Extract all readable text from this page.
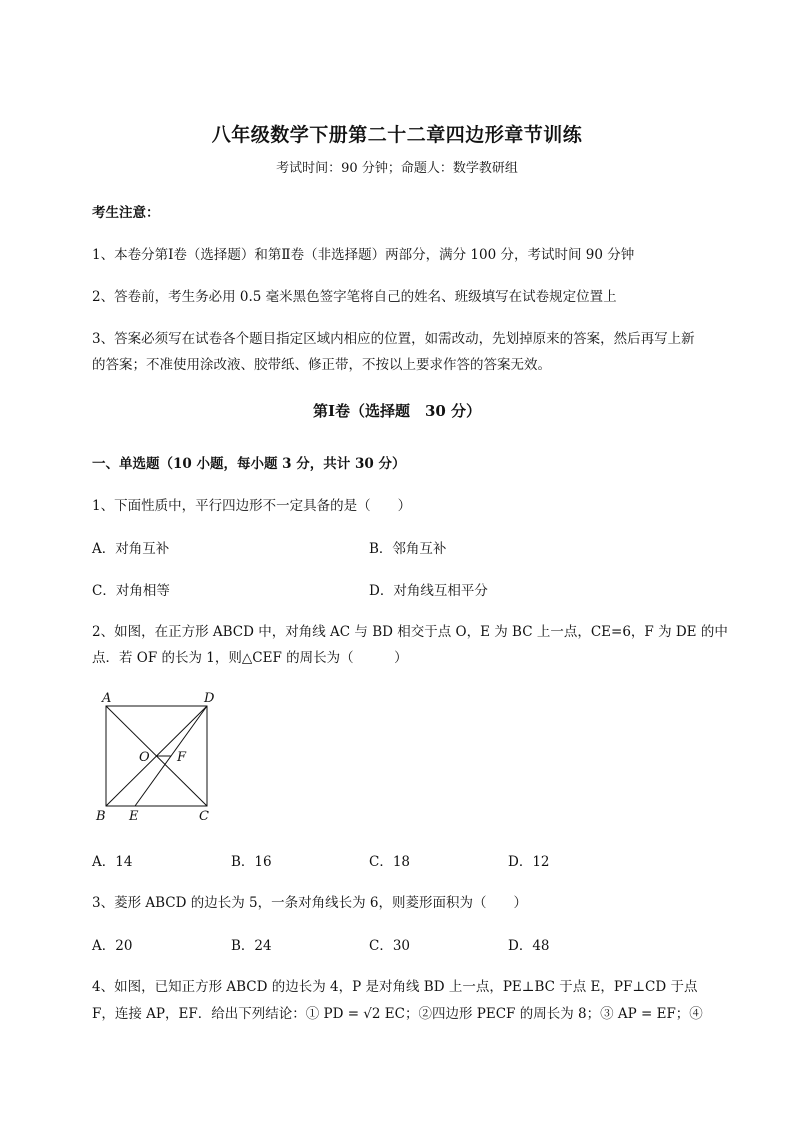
八年级数学下册第二十二章四边形章节训练
考试时间：90 分钟；命题人：数学教研组
考生注意：
1、本卷分第Ⅰ卷（选择题）和第Ⅱ卷（非选择题）两部分，满分 100 分，考试时间 90 分钟
2、答卷前，考生务必用 0.5 毫米黑色签字笔将自己的姓名、班级填写在试卷规定位置上
3、答案必须写在试卷各个题目指定区域内相应的位置，如需改动，先划掉原来的答案，然后再写上新
的答案；不准使用涂改液、胶带纸、修正带，不按以上要求作答的答案无效。
第Ⅰ卷（选择题　30 分）
一、单选题（10 小题，每小题 3 分，共计 30 分）
1、下面性质中，平行四边形不一定具备的是（　　）
A．对角互补	B．邻角互补
C．对角相等	D．对角线互相平分
2、如图，在正方形 ABCD 中，对角线 AC 与 BD 相交于点 O，E 为 BC 上一点，CE=6，F 为 DE 的中
点．若 OF 的长为 1，则△CEF 的周长为（　　　）
A	D
O F
B E	C
A．14	B．16	C．18	D．12
3、菱形 ABCD 的边长为 5，一条对角线长为 6，则菱形面积为（　　）
A．20	B．24	C．30	D．48
4、如图，已知正方形 ABCD 的边长为 4，P 是对角线 BD 上一点，PE⊥BC 于点 E，PF⊥CD 于点
F，连接 AP，EF．给出下列结论：① PD = √2 EC；②四边形 PECF 的周长为 8；③ AP = EF；④
